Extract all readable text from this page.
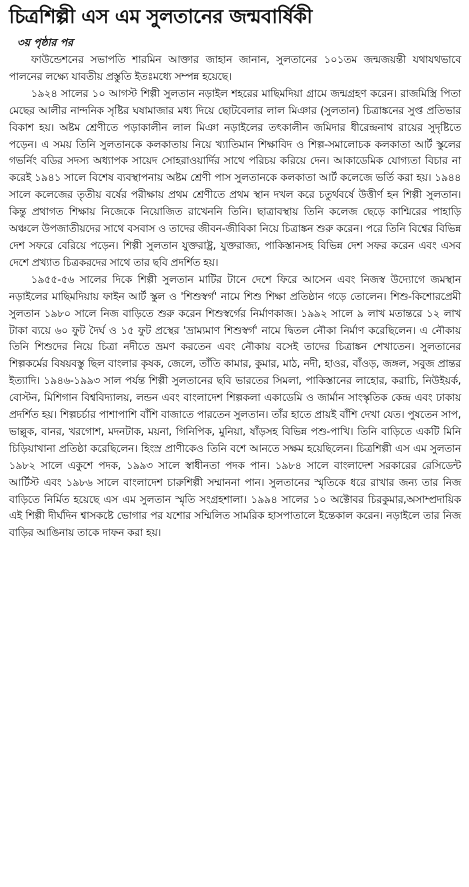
চিত্রশিল্পী এস এম সুলতানের জন্মবার্ষিকী
৩য় পৃষ্ঠার পর

ফাউন্ডেশনের সভাপতি শারমিন আক্তার জাহান জানান, সুলতানের ১০১তম জন্মজয়ন্তী যথাযথভাবে পালনের লক্ষ্যে যাবতীয় প্রস্তুতি ইতঃমধ্যে সম্পন্ন হয়েছে।

১৯২৪ সালের ১০ আগস্ট শিল্পী সুলতান নড়াইল শহরের মাছিমদিয়া গ্রামে জন্মগ্রহণ করেন। রাজমিস্ত্রি পিতা মেছের আলীর নান্দনিক সৃষ্টির ঘষামাজার মধ্য দিয়ে ছোটবেলার লাল মিঞার (সুলতান) চিত্রাঙ্কনের সুপ্ত প্রতিভার বিকাশ হয়। অষ্টম শ্রেণীতে পড়াকালীন লাল মিঞা নড়াইলের তৎকালীন জমিদার ধীরেন্দ্রনাথ রায়ের সুদৃষ্টিতে পড়েন। এ সময় তিনি সুলতানকে কলকাতায় নিয়ে খ্যাতিমান শিক্ষাবিদ ও শিল্প-সমালোচক কলকাতা আর্ট স্কুলের গভর্নিং বডির সদস্য অধ্যাপক সায়েদ সোহরাওয়ার্দির সাথে পরিচয় করিয়ে দেন। আকাডেমিক যোগ্যতা বিচার না করেই ১৯৪১ সালে বিশেষ ব্যবস্থাপনায় অষ্টম শ্রেণী পাস সুলতানকে কলকাতা আর্ট কলেজে ভর্তি করা হয়। ১৯৪৪ সালে কলেজের তৃতীয় বর্ষের পরীক্ষায় প্রথম শ্রেণীতে প্রথম স্থান দখল করে চতুর্থবর্ষে উত্তীর্ণ হন শিল্পী সুলতান। কিন্তু প্রথাগত শিক্ষায় নিজেকে নিয়োজিত রাখেননি তিনি। ছাত্রাবস্থায় তিনি কলেজ ছেড়ে কাশ্মিরের পাহাড়ি অঞ্চলে উপজাতীয়দের সাথে বসবাস ও তাদের জীবন-জীবিকা নিয়ে চিত্রাঙ্কন শুরু করেন। পরে তিনি বিশ্বের বিভিন্ন দেশ সফরে বেরিয়ে পড়েন। শিল্পী সুলতান যুক্তরাষ্ট্র, যুক্তরাজ্য, পাকিস্তানসহ বিভিন্ন দেশ সফর করেন এবং এসব দেশে প্রখ্যাত চিত্রকরদের সাথে তার ছবি প্রদর্শিত হয়।

১৯৫৫-৫৬ সালের দিকে শিল্পী সুলতান মাটির টানে দেশে ফিরে আসেন এবং নিজস্ব উদ্যোগে জমস্থান নড়াইলের মাছিমদিয়ায় ফাইন আর্ট স্কুল ও 'শিশুস্বর্গ' নামে শিশু শিক্ষা প্রতিষ্ঠান গড়ে তোলেন। শিশু-কিশোরপ্রেমী সুলতান ১৯৮০ সালে নিজ বাড়িতে শুরু করেন শিশুস্বর্গের নির্মাণকাজ। ১৯৯২ সালে ৯ লাখ মতান্তরে ১২ লাখ টাকা ব্যয়ে ৬০ ফুট দৈর্ঘ ও ১৫ ফুট প্রস্থের 'ভ্রাম্যমাণ শিশুস্বর্গ' নামে দ্বিতল নৌকা নির্মাণ করেছিলেন। এ নৌকায় তিনি শিশুদের নিয়ে চিত্রা নদীতে ভ্রমণ করতেন এবং নৌকায় বসেই তাদের চিত্রাঙ্কন শেখাতেন। সুলতানের শিল্পকর্মের বিষয়বস্তু ছিল বাংলার কৃষক, জেলে, তাঁতি কামার, কুমার, মাঠ, নদী, হাওর, বাঁওড়, জঙ্গল, সবুজ প্রান্তর ইত্যাদি। ১৯৪৬-১৯৯৩ সাল পর্যন্ত শিল্পী সুলতানের ছবি ভারতের সিমলা, পাকিস্তানের লাহোর, করাচি, নিউইয়র্ক, বোস্টন, মিশিগান বিশ্ববিদ্যালয়, লন্ডন এবং বাংলাদেশ শিল্পকলা একাডেমি ও জার্মান সাংস্কৃতিক কেন্দ্র এবং ঢাকায় প্রদর্শিত হয়। শিল্পচর্চার পাশাপাশি বাঁশি বাজাতে পারতেন সুলতান। তাঁর হাতে প্রায়ই বাঁশি দেখা যেত। পুষতেন সাপ, ভাল্লুক, বানর, খরগোশ, মদনটাক, ময়না, গিনিপিক, মুনিয়া, ষাঁড়সহ বিভিন্ন পশু-পাখি। তিনি বাড়িতে একটি মিনি চিড়িয়াখানা প্রতিষ্ঠা করেছিলেন। হিংস্র প্রাণীকেও তিনি বশে আনতে সক্ষম হয়েছিলেন। চিত্রশিল্পী এস এম সুলতান ১৯৮২ সালে একুশে পদক, ১৯৯৩ সালে স্বাধীনতা পদক পান। ১৯৮৪ সালে বাংলাদেশ সরকারের রেসিডেন্ট আর্টিস্ট এবং ১৯৮৬ সালে বাংলাদেশ চারুশিল্পী সম্মাননা পান। সুলতানের স্মৃতিকে ধরে রাখার জন্য তার নিজ বাড়িতে নির্মিত হয়েছে এস এম সুলতান স্মৃতি সংগ্রহশালা। ১৯৯৪ সালের ১০ অক্টোবর চিরকুমার,অসাম্প্রদায়িক এই শিল্পী দীর্ঘদিন শ্বাসকষ্টে ভোগার পর যশোর সম্মিলিত সামরিক হাসপাতালে ইন্তেকাল করেন। নড়াইলে তার নিজ বাড়ির আঙিনায় তাকে দাফন করা হয়।
